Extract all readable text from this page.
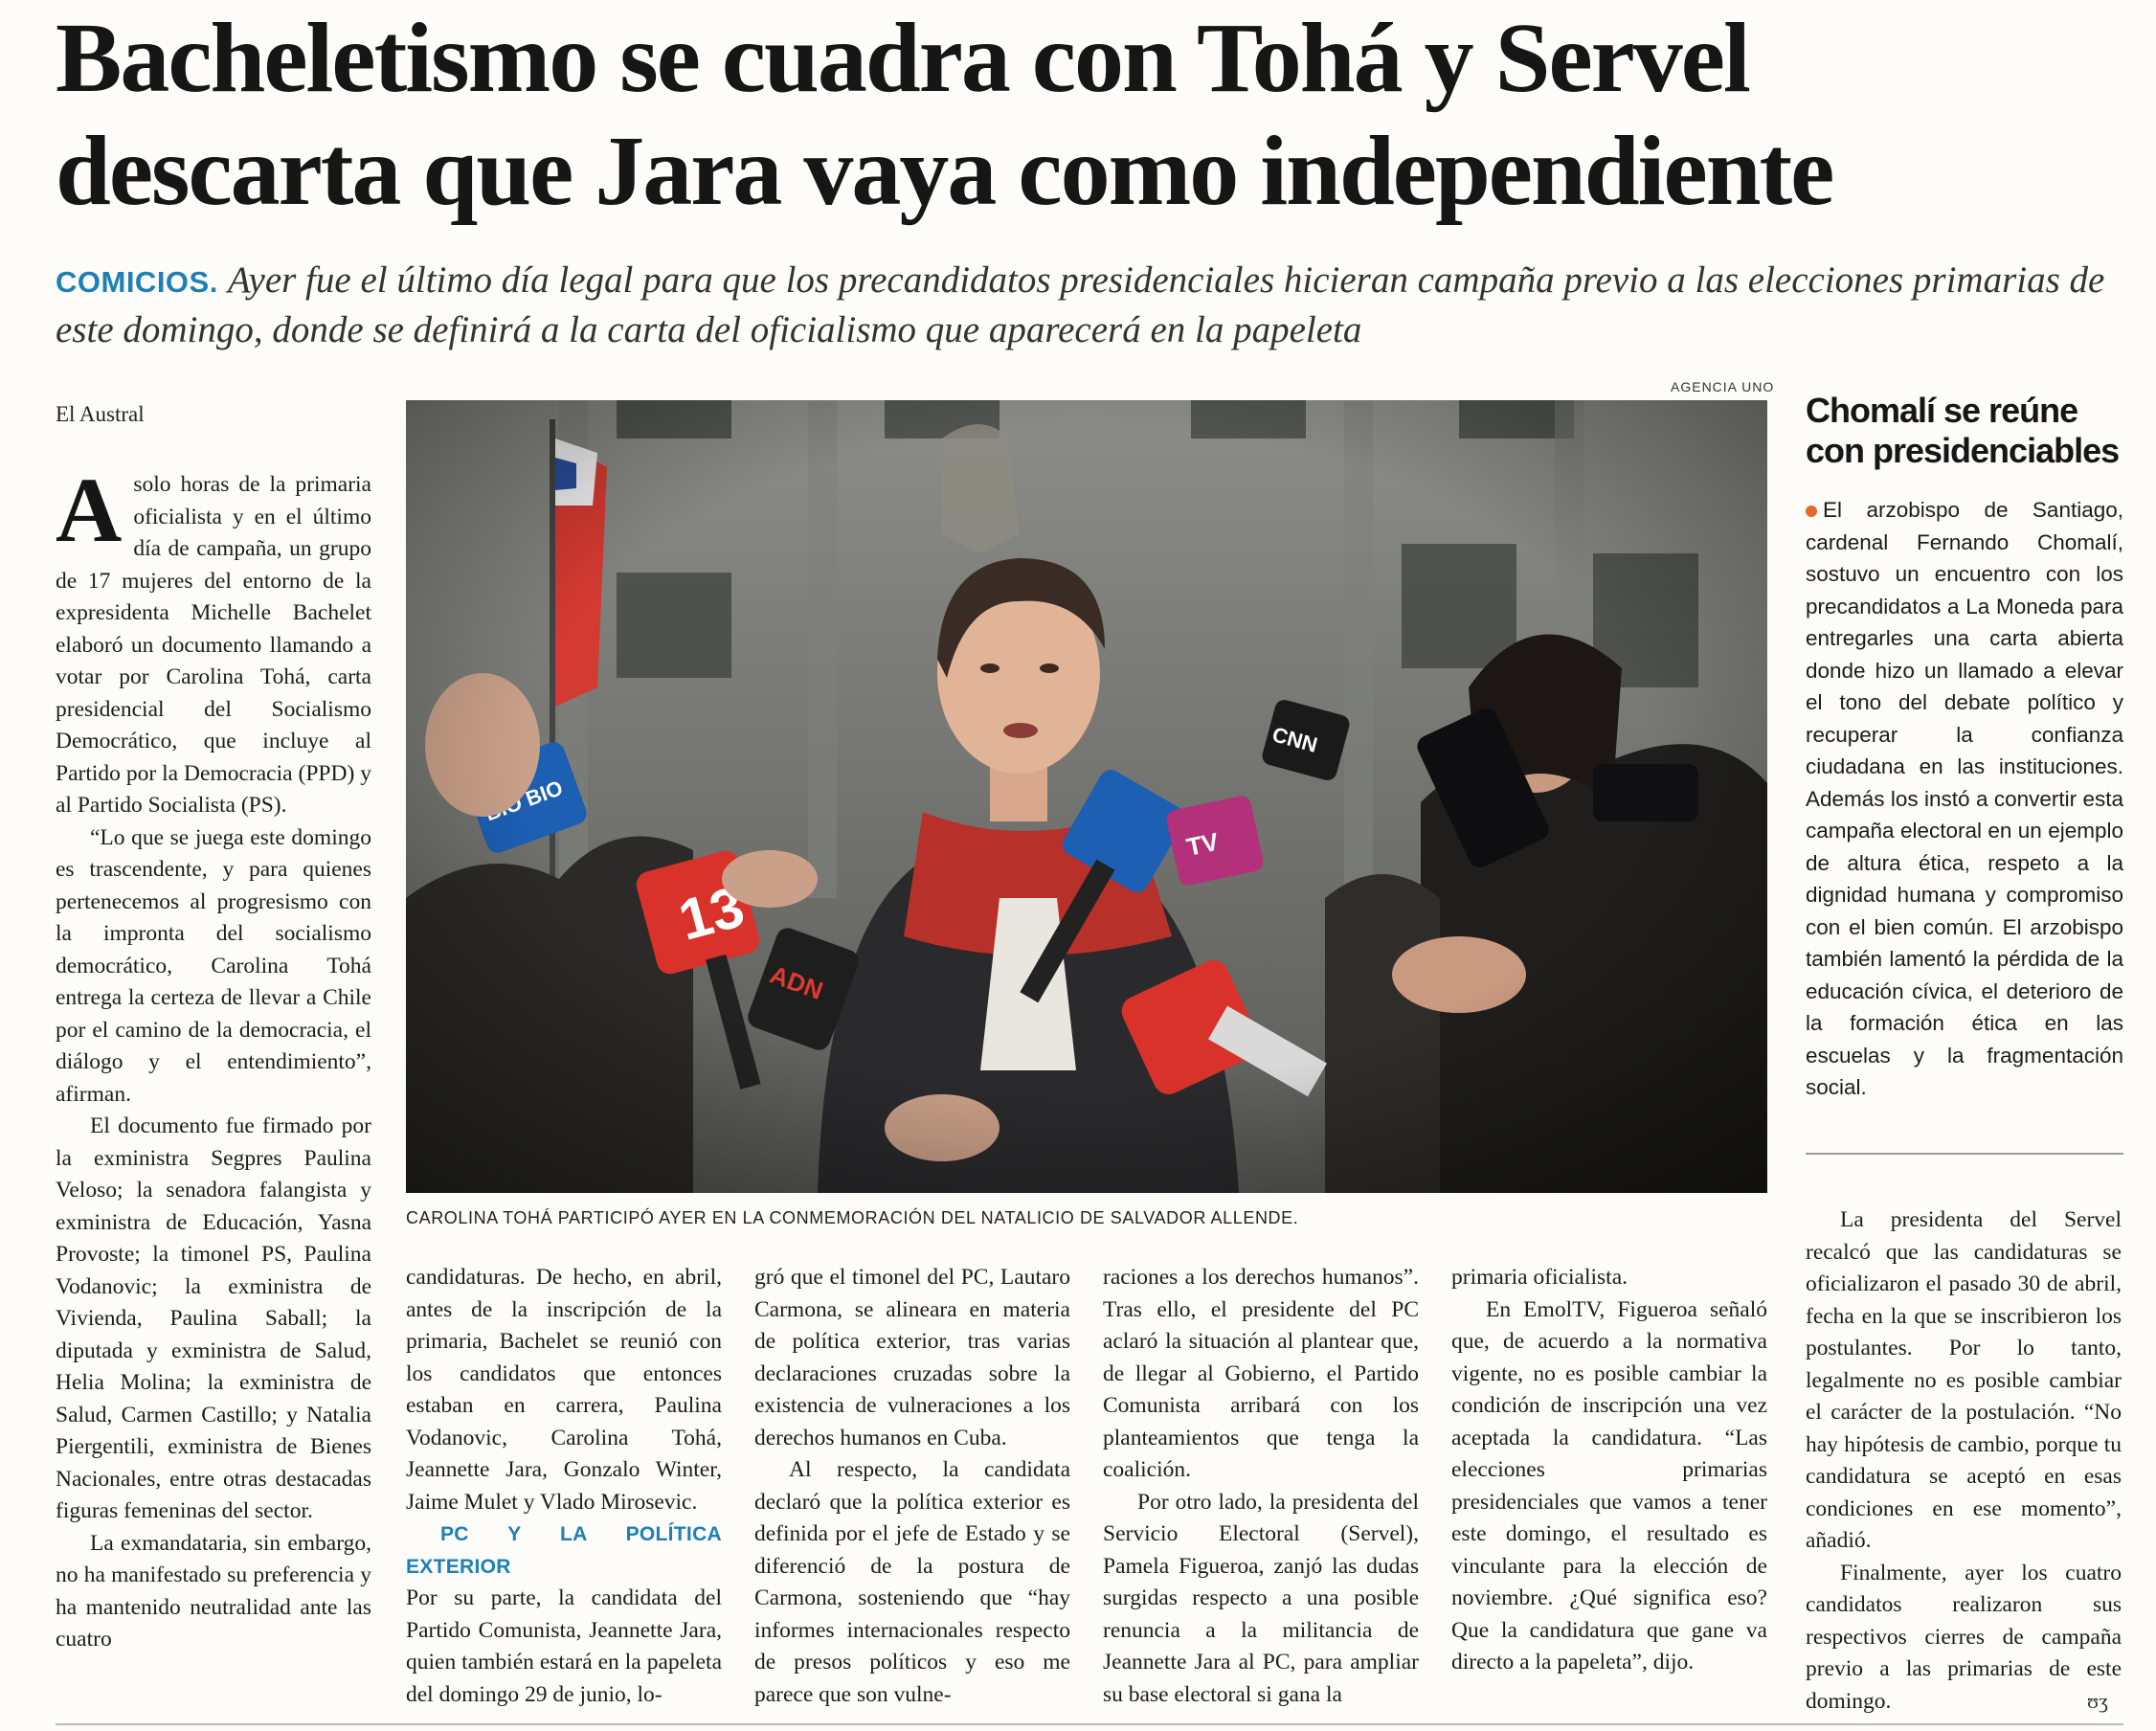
Bacheletismo se cuadra con Tohá y Servel
descarta que Jara vaya como independiente

COMICIOS. Ayer fue el último día legal para que los precandidatos presidenciales hicieran campaña previo a las elecciones primarias de este domingo, donde se definirá a la carta del oficialismo que aparecerá en la papeleta

El Austral

A solo horas de la primaria oficialista y en el último día de campaña, un grupo de 17 mujeres del entorno de la expresidenta Michelle Bachelet elaboró un documento llamando a votar por Carolina Tohá, carta presidencial del Socialismo Democrático, que incluye al Partido por la Democracia (PPD) y al Partido Socialista (PS).

“Lo que se juega este domingo es trascendente, y para quienes pertenecemos al progresismo con la impronta del socialismo democrático, Carolina Tohá entrega la certeza de llevar a Chile por el camino de la democracia, el diálogo y el entendimiento”, afirman.

El documento fue firmado por la exministra Segpres Paulina Veloso; la senadora falangista y exministra de Educación, Yasna Provoste; la timonel PS, Paulina Vodanovic; la exministra de Vivienda, Paulina Saball; la diputada y exministra de Salud, Helia Molina; la exministra de Salud, Carmen Castillo; y Natalia Piergentili, exministra de Bienes Nacionales, entre otras destacadas figuras femeninas del sector.

La exmandataria, sin embargo, no ha manifestado su preferencia y ha mantenido neutralidad ante las cuatro

AGENCIA UNO
CAROLINA TOHÁ PARTICIPÓ AYER EN LA CONMEMORACIÓN DEL NATALICIO DE SALVADOR ALLENDE.

candidaturas. De hecho, en abril, antes de la inscripción de la primaria, Bachelet se reunió con los candidatos que entonces estaban en carrera, Paulina Vodanovic, Carolina Tohá, Jeannette Jara, Gonzalo Winter, Jaime Mulet y Vlado Mirosevic.

PC Y LA POLÍTICA EXTERIOR

Por su parte, la candidata del Partido Comunista, Jeannette Jara, quien también estará en la papeleta del domingo 29 de junio, lo-

gró que el timonel del PC, Lautaro Carmona, se alineara en materia de política exterior, tras varias declaraciones cruzadas sobre la existencia de vulneraciones a los derechos humanos en Cuba.

Al respecto, la candidata declaró que la política exterior es definida por el jefe de Estado y se diferenció de la postura de Carmona, sosteniendo que “hay informes internacionales respecto de presos políticos y eso me parece que son vulne-

raciones a los derechos humanos”. Tras ello, el presidente del PC aclaró la situación al plantear que, de llegar al Gobierno, el Partido Comunista arribará con los planteamientos que tenga la coalición.

Por otro lado, la presidenta del Servicio Electoral (Servel), Pamela Figueroa, zanjó las dudas surgidas respecto a una posible renuncia a la militancia de Jeannette Jara al PC, para ampliar su base electoral si gana la

primaria oficialista.

En EmolTV, Figueroa señaló que, de acuerdo a la normativa vigente, no es posible cambiar la condición de inscripción una vez aceptada la candidatura. “Las elecciones primarias presidenciales que vamos a tener este domingo, el resultado es vinculante para la elección de noviembre. ¿Qué significa eso? Que la candidatura que gane va directo a la papeleta”, dijo.

Chomalí se reúne con presidenciables

El arzobispo de Santiago, cardenal Fernando Chomalí, sostuvo un encuentro con los precandidatos a La Moneda para entregarles una carta abierta donde hizo un llamado a elevar el tono del debate político y recuperar la confianza ciudadana en las instituciones. Además los instó a convertir esta campaña electoral en un ejemplo de altura ética, respeto a la dignidad humana y compromiso con el bien común. El arzobispo también lamentó la pérdida de la educación cívica, el deterioro de la formación ética en las escuelas y la fragmentación social.

La presidenta del Servel recalcó que las candidaturas se oficializaron el pasado 30 de abril, fecha en la que se inscribieron los postulantes. Por lo tanto, legalmente no es posible cambiar el carácter de la postulación. “No hay hipótesis de cambio, porque tu candidatura se aceptó en esas condiciones en ese momento”, añadió.

Finalmente, ayer los cuatro candidatos realizaron sus respectivos cierres de campaña previo a las primarias de este domingo.	ʊʒ
